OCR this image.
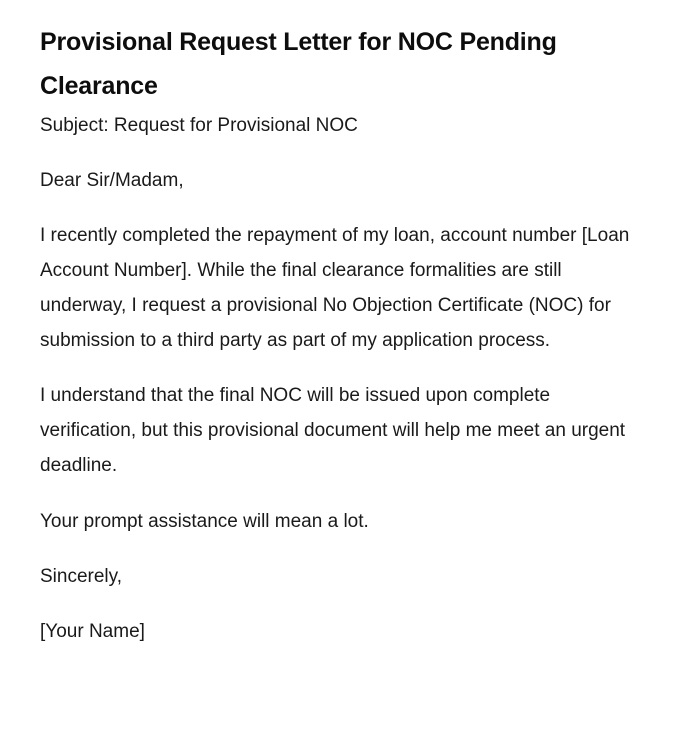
Provisional Request Letter for NOC Pending Clearance

Subject: Request for Provisional NOC

Dear Sir/Madam,

I recently completed the repayment of my loan, account number [Loan Account Number]. While the final clearance formalities are still underway, I request a provisional No Objection Certificate (NOC) for submission to a third party as part of my application process.

I understand that the final NOC will be issued upon complete verification, but this provisional document will help me meet an urgent deadline.

Your prompt assistance will mean a lot.

Sincerely,

[Your Name]
